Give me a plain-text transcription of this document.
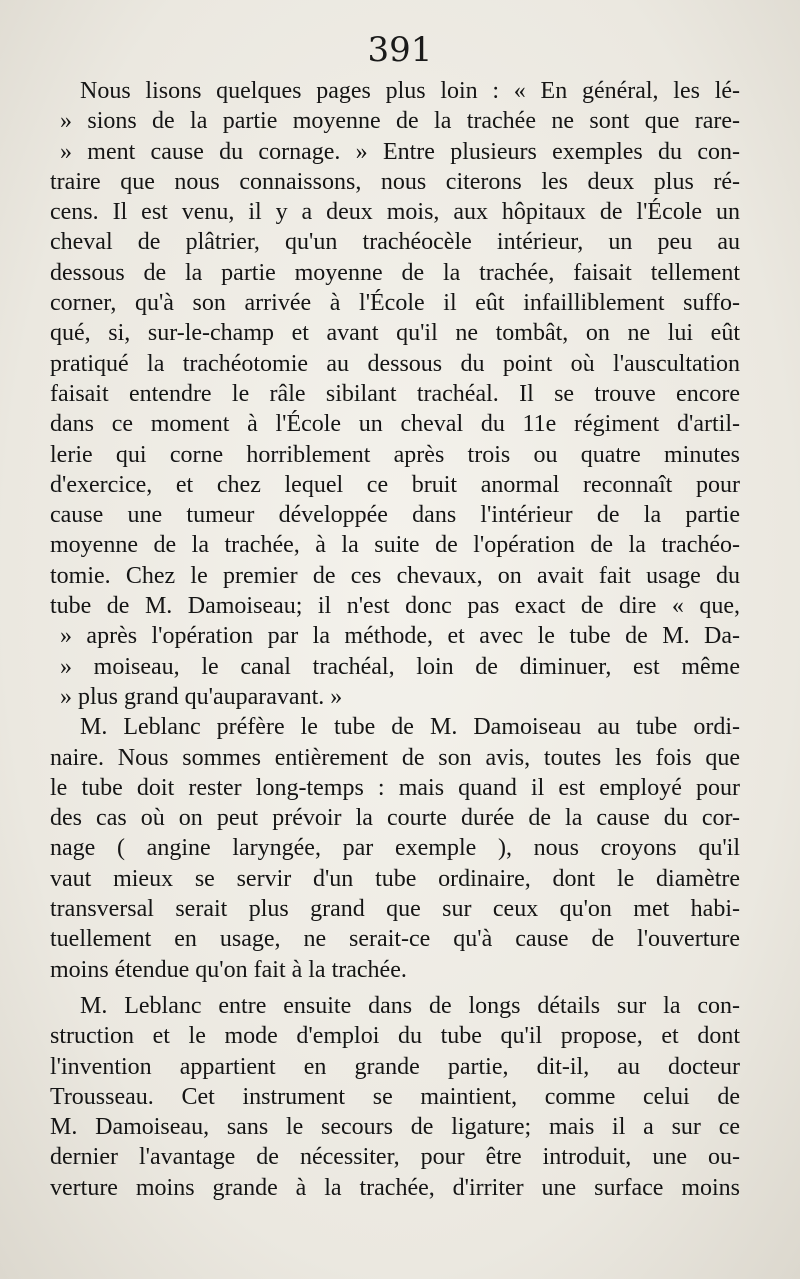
391
Nous lisons quelques pages plus loin : « En général, les lé-
» sions de la partie moyenne de la trachée ne sont que rare-
» ment cause du cornage. » Entre plusieurs exemples du con-
traire que nous connaissons, nous citerons les deux plus ré-
cens. Il est venu, il y a deux mois, aux hôpitaux de l'École un
cheval de plâtrier, qu'un trachéocèle intérieur, un peu au
dessous de la partie moyenne de la trachée, faisait tellement
corner, qu'à son arrivée à l'École il eût infailliblement suffo-
qué, si, sur-le-champ et avant qu'il ne tombât, on ne lui eût
pratiqué la trachéotomie au dessous du point où l'auscultation
faisait entendre le râle sibilant trachéal. Il se trouve encore
dans ce moment à l'École un cheval du 11e régiment d'artil-
lerie qui corne horriblement après trois ou quatre minutes
d'exercice, et chez lequel ce bruit anormal reconnaît pour
cause une tumeur développée dans l'intérieur de la partie
moyenne de la trachée, à la suite de l'opération de la trachéo-
tomie. Chez le premier de ces chevaux, on avait fait usage du
tube de M. Damoiseau; il n'est donc pas exact de dire « que,
» après l'opération par la méthode, et avec le tube de M. Da-
» moiseau, le canal trachéal, loin de diminuer, est même
» plus grand qu'auparavant. »
M. Leblanc préfère le tube de M. Damoiseau au tube ordi-
naire. Nous sommes entièrement de son avis, toutes les fois que
le tube doit rester long-temps : mais quand il est employé pour
des cas où on peut prévoir la courte durée de la cause du cor-
nage ( angine laryngée, par exemple ), nous croyons qu'il
vaut mieux se servir d'un tube ordinaire, dont le diamètre
transversal serait plus grand que sur ceux qu'on met habi-
tuellement en usage, ne serait-ce qu'à cause de l'ouverture
moins étendue qu'on fait à la trachée.
M. Leblanc entre ensuite dans de longs détails sur la con-
struction et le mode d'emploi du tube qu'il propose, et dont
l'invention appartient en grande partie, dit-il, au docteur
Trousseau. Cet instrument se maintient, comme celui de
M. Damoiseau, sans le secours de ligature; mais il a sur ce
dernier l'avantage de nécessiter, pour être introduit, une ou-
verture moins grande à la trachée, d'irriter une surface moins
